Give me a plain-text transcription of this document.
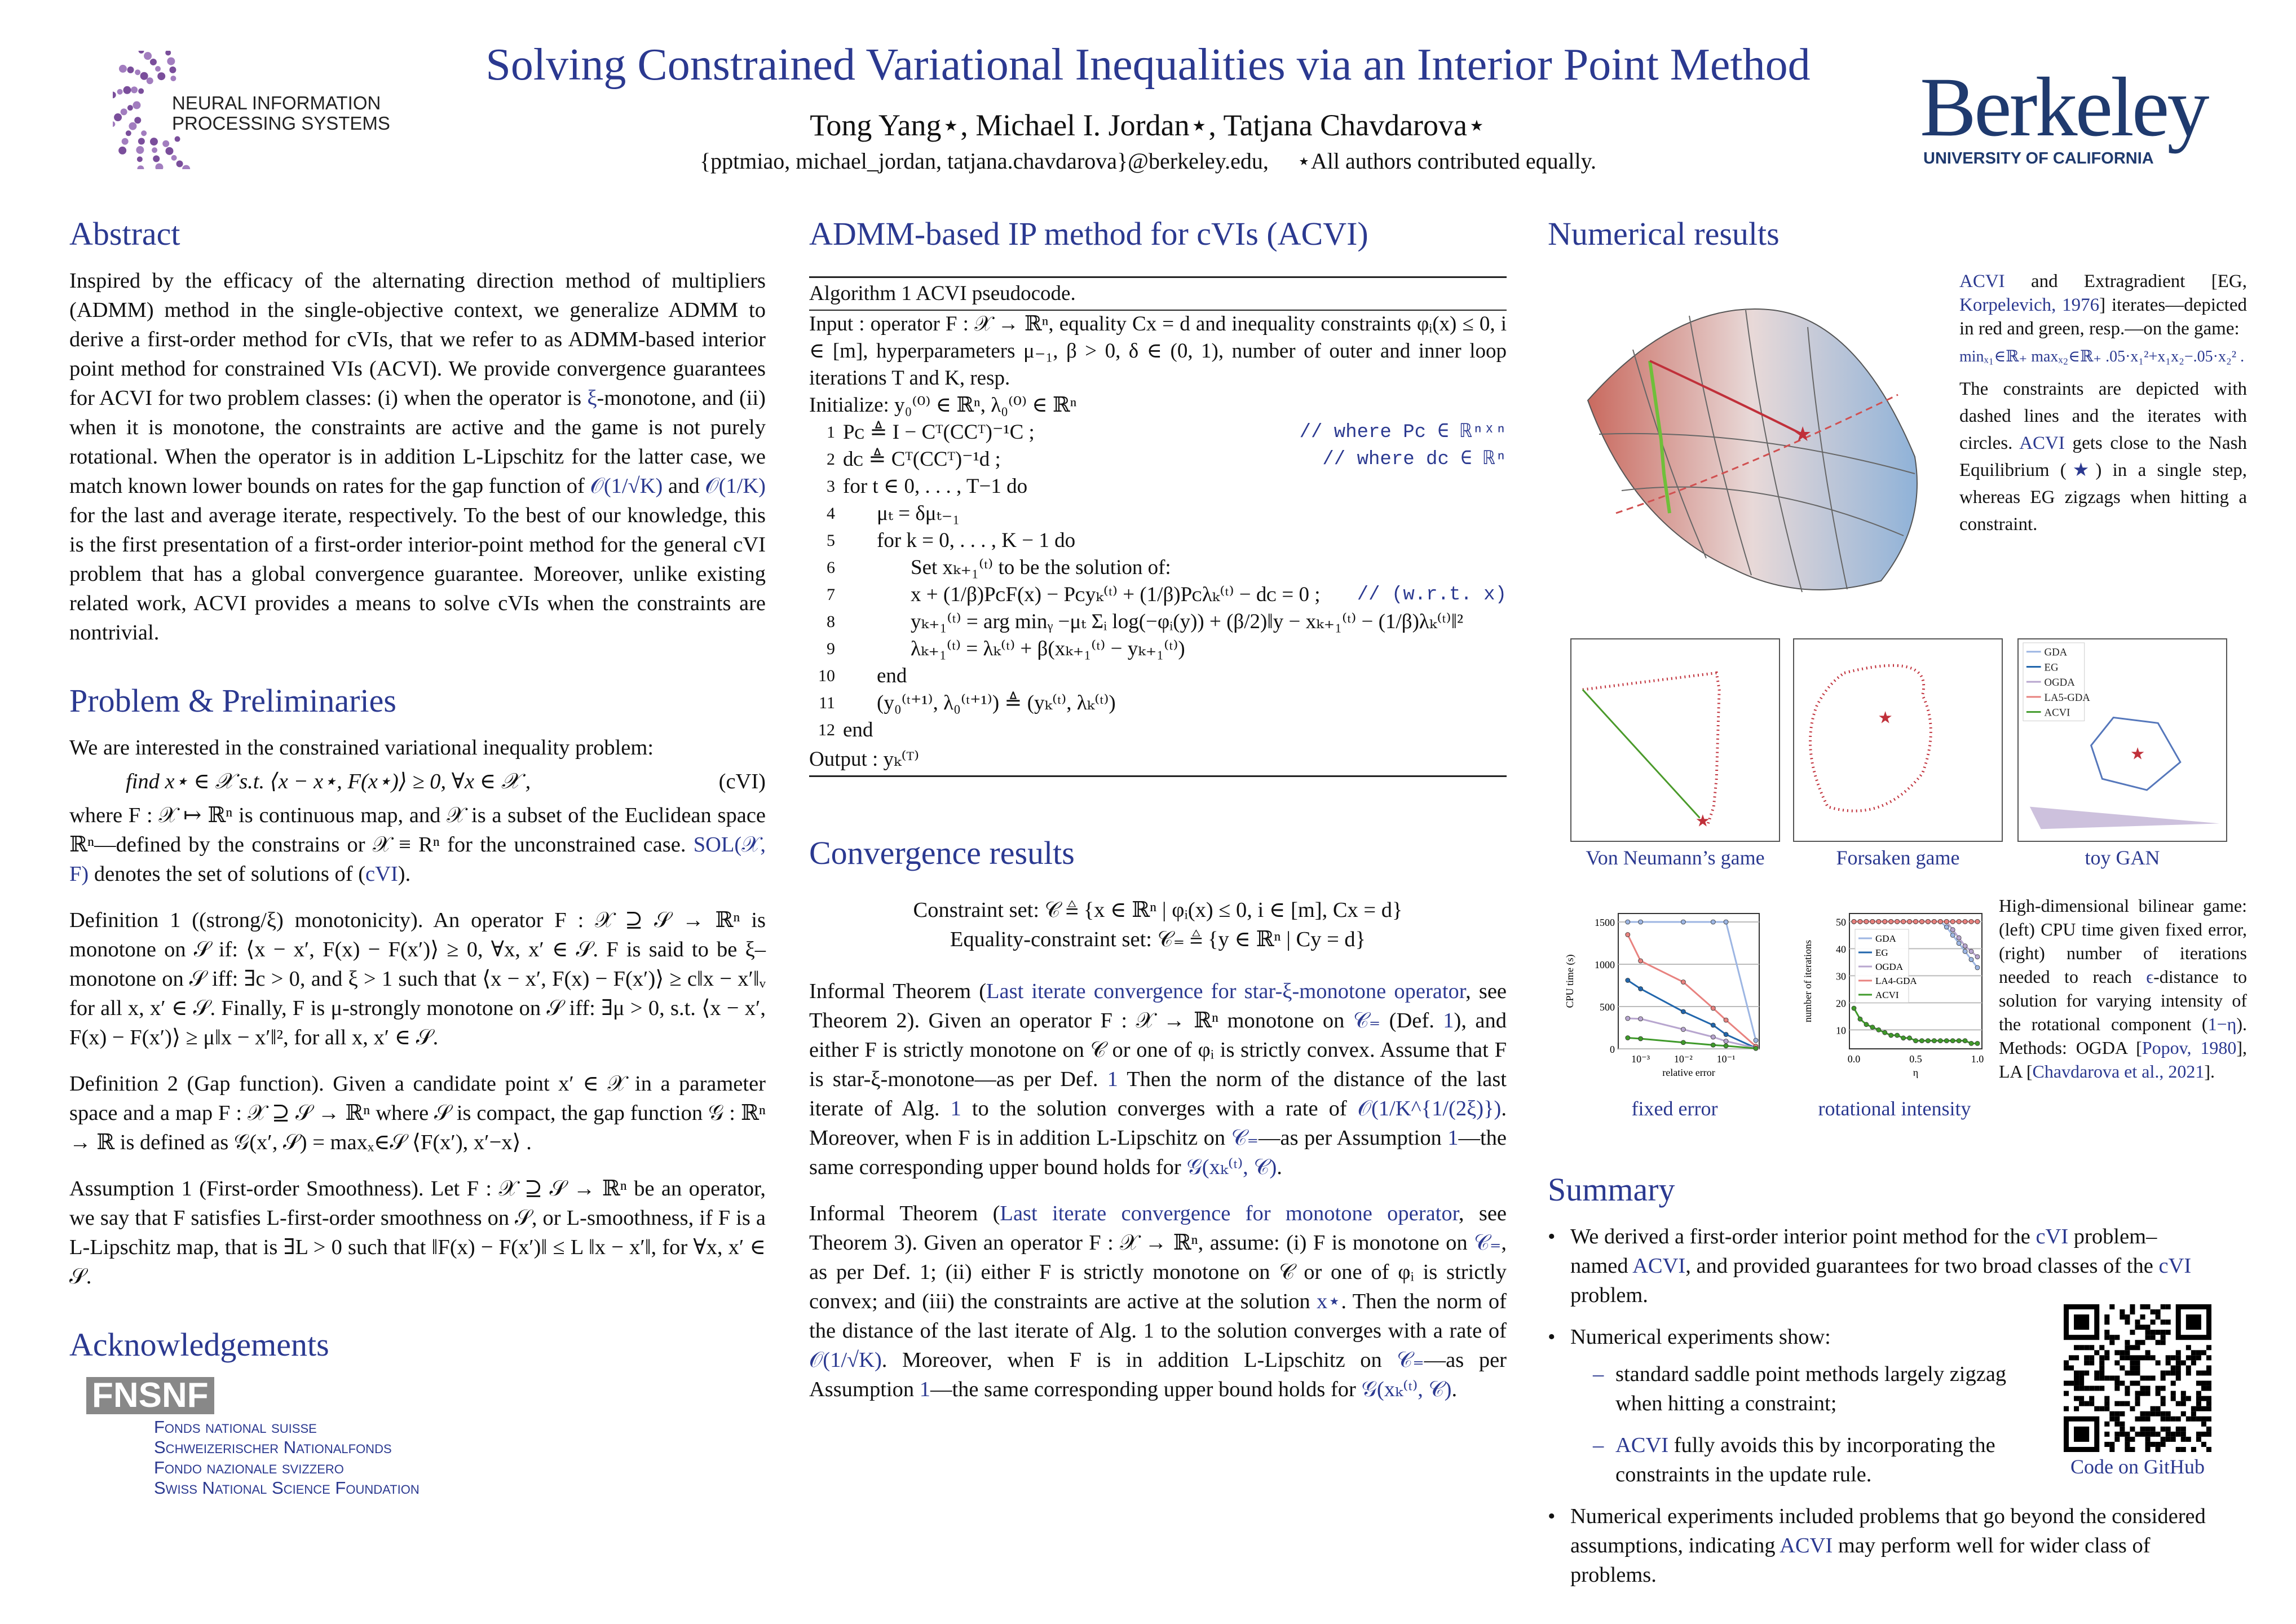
NEURAL INFORMATION
PROCESSING SYSTEMS
Solving Constrained Variational Inequalities via an Interior Point Method
Tong Yang⋆, Michael I. Jordan⋆, Tatjana Chavdarova⋆
{pptmiao, michael_jordan, tatjana.chavdarova}@berkeley.edu, ⋆All authors contributed equally.
Berkeley
UNIVERSITY OF CALIFORNIA
Abstract

Inspired by the efficacy of the alternating direction method of multipliers (ADMM) method in the single-objective context, we generalize ADMM to derive a first-order method for cVIs, that we refer to as ADMM-based interior point method for constrained VIs (ACVI). We provide convergence guarantees for ACVI for two problem classes: (i) when the operator is ξ-monotone, and (ii) when it is monotone, the constraints are active and the game is not purely rotational. When the operator is in addition L-Lipschitz for the latter case, we match known lower bounds on rates for the gap function of 𝒪(1/√K) and 𝒪(1/K) for the last and average iterate, respectively. To the best of our knowledge, this is the first presentation of a first-order interior-point method for the general cVI problem that has a global convergence guarantee. Moreover, unlike existing related work, ACVI provides a means to solve cVIs when the constraints are nontrivial.

Problem & Preliminaries

We are interested in the constrained variational inequality problem:

find x⋆ ∈ 𝒳 s.t. ⟨x − x⋆, F(x⋆)⟩ ≥ 0, ∀x ∈ 𝒳 ,	(cVI)

where F : 𝒳 ↦ ℝⁿ is continuous map, and 𝒳 is a subset of the Euclidean space ℝⁿ—defined by the constrains or 𝒳 ≡ Rⁿ for the unconstrained case. SOL(𝒳, F) denotes the set of solutions of (cVI).

Definition 1 ((strong/ξ) monotonicity). An operator F : 𝒳 ⊇ 𝒮 → ℝⁿ is monotone on 𝒮 if: ⟨x − x′, F(x) − F(x′)⟩ ≥ 0, ∀x, x′ ∈ 𝒮. F is said to be ξ–monotone on 𝒮 iff: ∃c > 0, and ξ > 1 such that ⟨x − x′, F(x) − F(x′)⟩ ≥ c‖x − x′‖ᵥ for all x, x′ ∈ 𝒮. Finally, F is μ-strongly monotone on 𝒮 iff: ∃μ > 0, s.t. ⟨x − x′, F(x) − F(x′)⟩ ≥ μ‖x − x′‖², for all x, x′ ∈ 𝒮.

Definition 2 (Gap function). Given a candidate point x′ ∈ 𝒳 in a parameter space and a map F : 𝒳 ⊇ 𝒮 → ℝⁿ where 𝒮 is compact, the gap function 𝒢 : ℝⁿ → ℝ is defined as 𝒢(x′, 𝒮) = maxₓ∈𝒮 ⟨F(x′), x′−x⟩ .

Assumption 1 (First-order Smoothness). Let F : 𝒳 ⊇ 𝒮 → ℝⁿ be an operator, we say that F satisfies L-first-order smoothness on 𝒮, or L-smoothness, if F is a L-Lipschitz map, that is ∃L > 0 such that ‖F(x) − F(x′)‖ ≤ L ‖x − x′‖, for ∀x, x′ ∈ 𝒮.

Acknowledgements
FNSNF
Fonds national suisse
Schweizerischer Nationalfonds
Fondo nazionale svizzero
Swiss National Science Foundation
ADMM-based IP method for cVIs (ACVI)
Algorithm 1 ACVI pseudocode.
Input : operator F : 𝒳 → ℝⁿ, equality Cx = d and inequality constraints φᵢ(x) ≤ 0, i ∈ [m], hyperparameters μ₋₁, β > 0, δ ∈ (0, 1), number of outer and inner loop iterations T and K, resp.
Initialize: y₀⁽⁰⁾ ∈ ℝⁿ, λ₀⁽⁰⁾ ∈ ℝⁿ
1 Pᴄ ≜ I − Cᵀ(CCᵀ)⁻¹C ;	// where Pᴄ ∈ ℝⁿˣⁿ
2 dᴄ ≜ Cᵀ(CCᵀ)⁻¹d ;	// where dᴄ ∈ ℝⁿ
3 for t ∈ 0, . . . , T−1 do
4	μₜ = δμₜ₋₁
5	for k = 0, . . . , K − 1 do
6	Set xₖ₊₁⁽ᵗ⁾ to be the solution of:
7	x + (1/β)PᴄF(x) − Pᴄyₖ⁽ᵗ⁾ + (1/β)Pᴄλₖ⁽ᵗ⁾ − dᴄ = 0 ;	// (w.r.t. x)
8	yₖ₊₁⁽ᵗ⁾ = arg minᵧ −μₜ Σᵢ log(−φᵢ(y)) + (β/2)‖y − xₖ₊₁⁽ᵗ⁾ − (1/β)λₖ⁽ᵗ⁾‖²
9	λₖ₊₁⁽ᵗ⁾ = λₖ⁽ᵗ⁾ + β(xₖ₊₁⁽ᵗ⁾ − yₖ₊₁⁽ᵗ⁾)
10	end
11	(y₀⁽ᵗ⁺¹⁾, λ₀⁽ᵗ⁺¹⁾) ≜ (yₖ⁽ᵗ⁾, λₖ⁽ᵗ⁾)
12 end
Output : yₖ⁽ᵀ⁾
Convergence results
Constraint set: 𝒞 ≜ {x ∈ ℝⁿ | φᵢ(x) ≤ 0, i ∈ [m], Cx = d}
Equality-constraint set: 𝒞₌ ≜ {y ∈ ℝⁿ | Cy = d}

Informal Theorem (Last iterate convergence for star-ξ-monotone operator, see Theorem 2). Given an operator F : 𝒳 → ℝⁿ monotone on 𝒞₌ (Def. 1), and either F is strictly monotone on 𝒞 or one of φᵢ is strictly convex. Assume that F is star-ξ-monotone—as per Def. 1 Then the norm of the distance of the last iterate of Alg. 1 to the solution converges with a rate of 𝒪(1/K^{1/(2ξ)}). Moreover, when F is in addition L-Lipschitz on 𝒞₌—as per Assumption 1—the same corresponding upper bound holds for 𝒢(xₖ⁽ᵗ⁾, 𝒞).

Informal Theorem (Last iterate convergence for monotone operator, see Theorem 3). Given an operator F : 𝒳 → ℝⁿ, assume: (i) F is monotone on 𝒞₌, as per Def. 1; (ii) either F is strictly monotone on 𝒞 or one of φᵢ is strictly convex; and (iii) the constraints are active at the solution x⋆. Then the norm of the distance of the last iterate of Alg. 1 to the solution converges with a rate of 𝒪(1/√K). Moreover, when F is in addition L-Lipschitz on 𝒞₌—as per Assumption 1—the same corresponding upper bound holds for 𝒢(xₖ⁽ᵗ⁾, 𝒞).

Numerical results
★

ACVI and Extragradient [EG, Korpelevich, 1976] iterates—depicted in red and green, resp.—on the game:

minₓ₁∈ℝ₊ maxₓ₂∈ℝ₊ .05·x₁²+x₁x₂−.05·x₂² .

The constraints are depicted with dashed lines and the iterates with circles. ACVI gets close to the Nash Equilibrium (★) in a single step, whereas EG zigzags when hitting a constraint.

★
★
★
GDA
EG
OGDA
LA5-GDA
ACVI
Von Neumann’s game	Forsaken game	toy GAN
0
500
1000
1500
10⁻³ 10⁻² 10⁻¹
relative error
CPU time (s)
10
20
30
40
50
0.0	0.5	1.0
η
number of iterations
GDA
EG
OGDA
LA4-GDA
ACVI
fixed error	rotational intensity

High-dimensional bilinear game: (left) CPU time given fixed error, (right) number of iterations needed to reach ϵ-distance to solution for varying intensity of the rotational component (1−η). Methods: OGDA [Popov, 1980], LA [Chavdarova et al., 2021].

Summary
• We derived a first-order interior point method for the cVI problem–named ACVI, and provided guarantees for two broad classes of the cVI problem.
• Numerical experiments show:
– standard saddle point methods largely zigzag when hitting a constraint;
– ACVI fully avoids this by incorporating the constraints in the update rule.
• Numerical experiments included problems that go beyond the considered assumptions, indicating ACVI may perform well for wider class of problems.
Code on GitHub
